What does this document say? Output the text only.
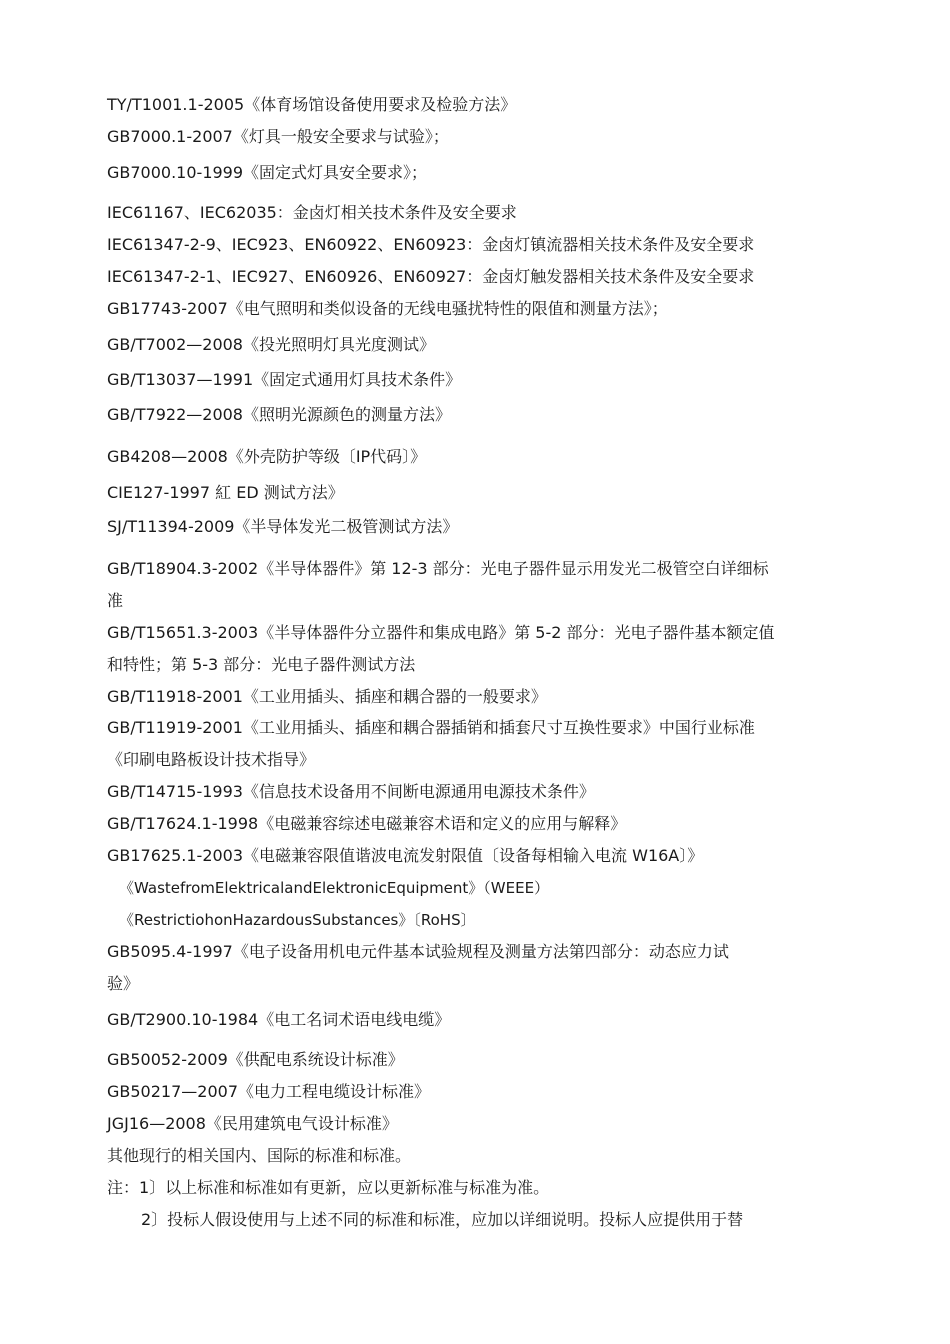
TY/T1001.1-2005《体育场馆设备使用要求及检验方法》

GB7000.1-2007《灯具一般安全要求与试验》；

GB7000.10-1999《固定式灯具安全要求》；

IEC61167、IEC62035：金卤灯相关技术条件及安全要求

IEC61347-2-9、IEC923、EN60922、EN60923：金卤灯镇流器相关技术条件及安全要求

IEC61347-2-1、IEC927、EN60926、EN60927：金卤灯触发器相关技术条件及安全要求

GB17743-2007《电气照明和类似设备的无线电骚扰特性的限值和测量方法》；

GB/T7002—2008《投光照明灯具光度测试》

GB/T13037—1991《固定式通用灯具技术条件》

GB/T7922—2008《照明光源颜色的测量方法》

GB4208—2008《外壳防护等级〔IP代码〕》

CIE127-1997 紅 ED 测试方法》

SJ/T11394-2009《半导体发光二极管测试方法》

GB/T18904.3-2002《半导体器件》第 12-3 部分：光电子器件显示用发光二极管空白详细标

准

GB/T15651.3-2003《半导体器件分立器件和集成电路》第 5-2 部分：光电子器件基本额定值

和特性；第 5-3 部分：光电子器件测试方法

GB/T11918-2001《工业用插头、插座和耦合器的一般要求》

GB/T11919-2001《工业用插头、插座和耦合器插销和插套尺寸互换性要求》中国行业标准

《印刷电路板设计技术指导》

GB/T14715-1993《信息技术设备用不间断电源通用电源技术条件》

GB/T17624.1-1998《电磁兼容综述电磁兼容术语和定义的应用与解释》

GB17625.1-2003《电磁兼容限值谐波电流发射限值〔设备每相输入电流 W16A〕》

《WastefromElektricalandElektronicEquipment》（WEEE）

《RestrictiohonHazardousSubstances》〔RoHS〕

GB5095.4-1997《电子设备用机电元件基本试验规程及测量方法第四部分：动态应力试

验》

GB/T2900.10-1984《电工名词术语电线电缆》

GB50052-2009《供配电系统设计标准》

GB50217—2007《电力工程电缆设计标准》

JGJ16—2008《民用建筑电气设计标准》

其他现行的相关国内、国际的标准和标准。

注：1〕以上标准和标准如有更新，应以更新标准与标准为准。

2〕投标人假设使用与上述不同的标准和标准，应加以详细说明。投标人应提供用于替
